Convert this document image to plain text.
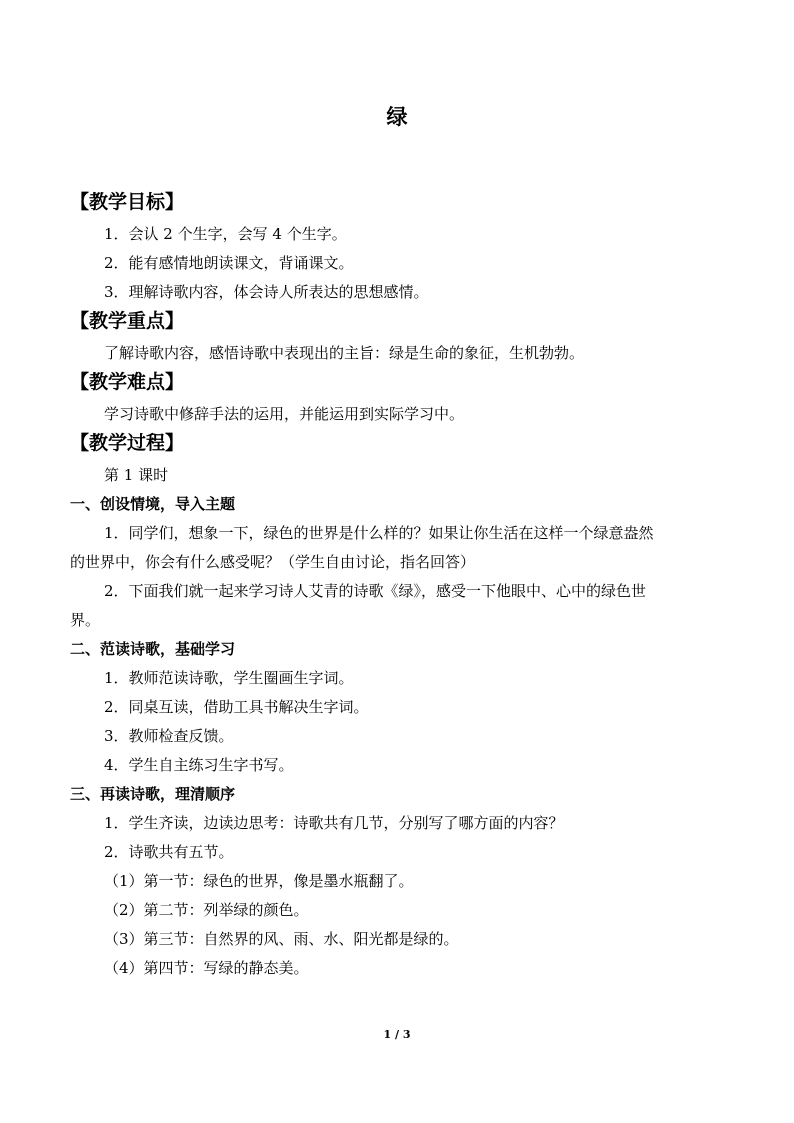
绿
【教学目标】
1．会认 2 个生字，会写 4 个生字。
2．能有感情地朗读课文，背诵课文。
3．理解诗歌内容，体会诗人所表达的思想感情。
【教学重点】
了解诗歌内容，感悟诗歌中表现出的主旨：绿是生命的象征，生机勃勃。
【教学难点】
学习诗歌中修辞手法的运用，并能运用到实际学习中。
【教学过程】
第 1 课时
一、创设情境，导入主题
1．同学们，想象一下，绿色的世界是什么样的？如果让你生活在这样一个绿意盎然
的世界中，你会有什么感受呢？（学生自由讨论，指名回答）
2．下面我们就一起来学习诗人艾青的诗歌《绿》，感受一下他眼中、心中的绿色世
界。
二、范读诗歌，基础学习
1．教师范读诗歌，学生圈画生字词。
2．同桌互读，借助工具书解决生字词。
3．教师检查反馈。
4．学生自主练习生字书写。
三、再读诗歌，理清顺序
1．学生齐读，边读边思考：诗歌共有几节，分别写了哪方面的内容？
2．诗歌共有五节。
（1）第一节：绿色的世界，像是墨水瓶翻了。
（2）第二节：列举绿的颜色。
（3）第三节：自然界的风、雨、水、阳光都是绿的。
（4）第四节：写绿的静态美。
1 / 3
